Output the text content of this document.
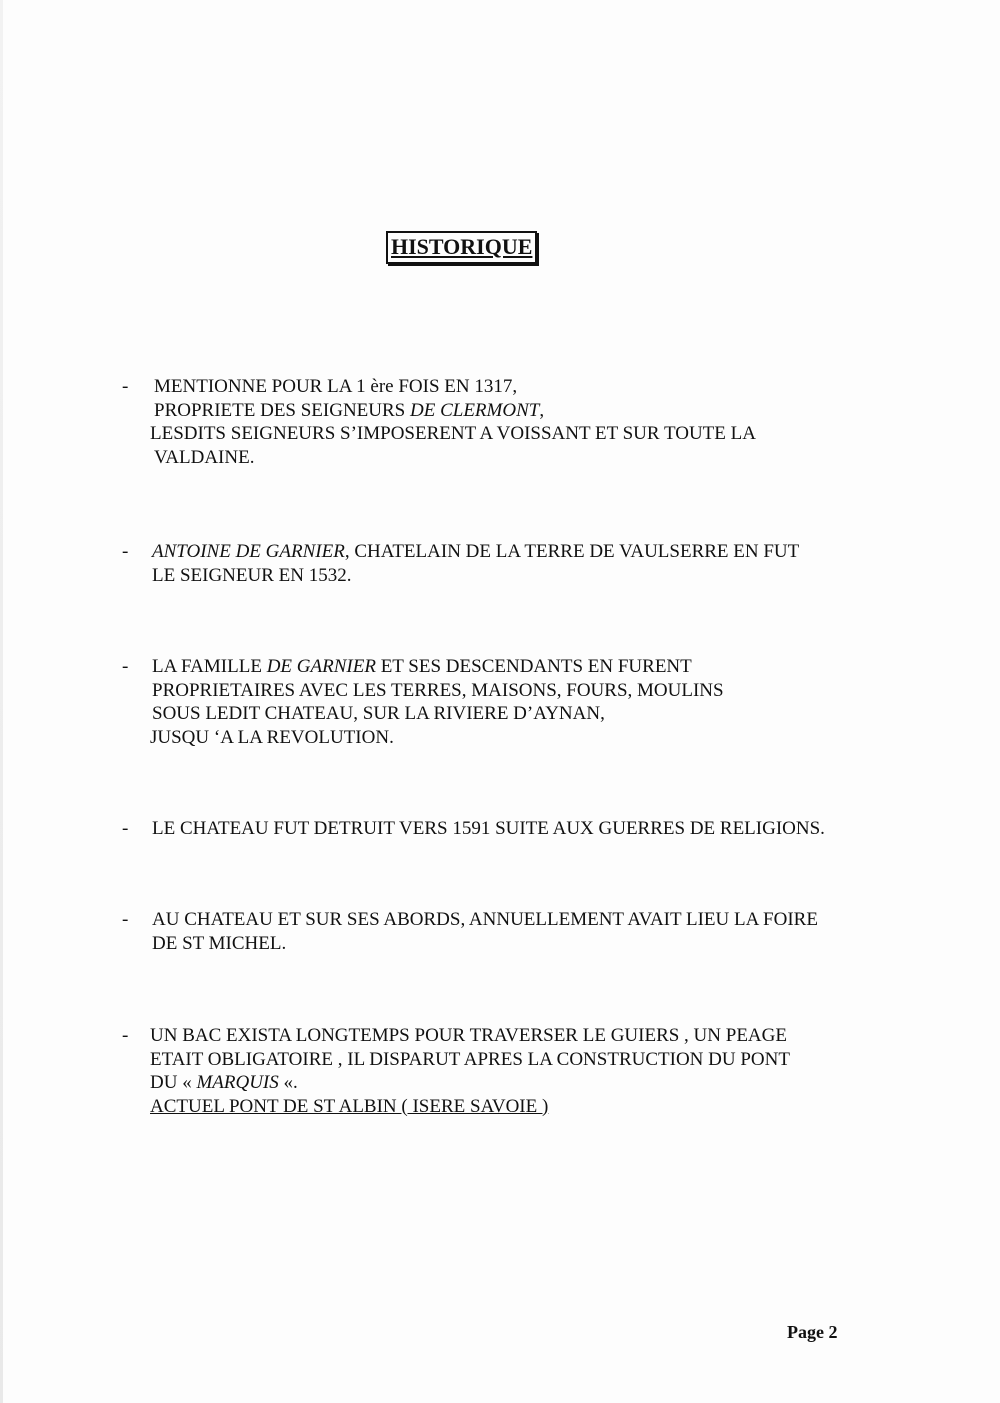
HISTORIQUE
- MENTIONNE POUR LA 1 ère FOIS EN 1317,
PROPRIETE DES SEIGNEURS DE CLERMONT,
LESDITS SEIGNEURS S’IMPOSERENT A VOISSANT ET SUR TOUTE LA
VALDAINE.
- ANTOINE DE GARNIER, CHATELAIN DE LA TERRE DE VAULSERRE EN FUT
LE SEIGNEUR EN 1532.
- LA FAMILLE DE GARNIER ET SES DESCENDANTS EN FURENT
PROPRIETAIRES AVEC LES TERRES, MAISONS, FOURS, MOULINS
SOUS LEDIT CHATEAU, SUR LA RIVIERE D’AYNAN,
JUSQU ‘A LA REVOLUTION.
- LE CHATEAU FUT DETRUIT VERS 1591 SUITE AUX GUERRES DE RELIGIONS.
- AU CHATEAU ET SUR SES ABORDS, ANNUELLEMENT AVAIT LIEU LA FOIRE
DE ST MICHEL.
- UN BAC EXISTA LONGTEMPS POUR TRAVERSER LE GUIERS , UN PEAGE
ETAIT OBLIGATOIRE , IL DISPARUT APRES LA CONSTRUCTION DU PONT
DU « MARQUIS «.
ACTUEL PONT DE ST ALBIN ( ISERE SAVOIE )
Page 2
